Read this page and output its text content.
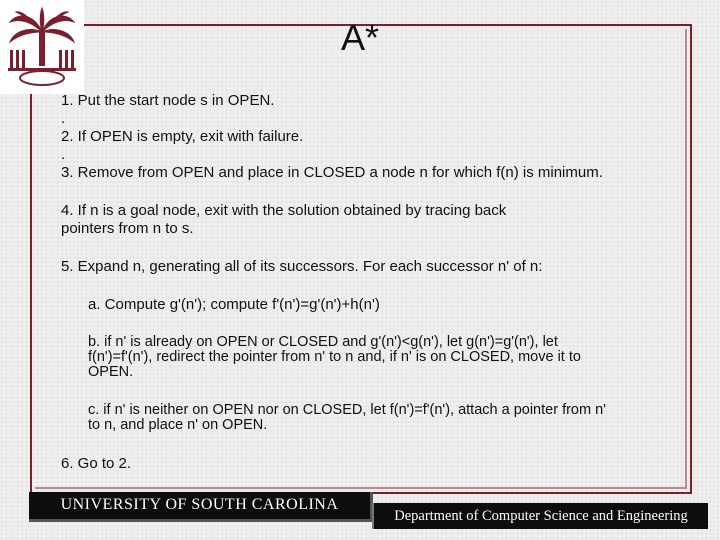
A*

1. Put the start node s in OPEN.

.

2. If OPEN is empty, exit with failure.

.

3. Remove from OPEN and place in CLOSED a node n for which f(n) is minimum.

4. If n is a goal node, exit with the solution obtained by tracing back

pointers from n to s.

5. Expand n, generating all of its successors. For each successor n' of n:

a. Compute g'(n'); compute f'(n')=g'(n')+h(n')

b. if n' is already on OPEN or CLOSED and g'(n')<g(n'), let g(n')=g'(n'), let

f(n')=f'(n'), redirect the pointer from n' to n and, if n' is on CLOSED, move it to

OPEN.

c. if n' is neither on OPEN nor on CLOSED, let f(n')=f'(n'), attach a pointer from n'

to n, and place n' on OPEN.

6. Go to 2.

UNIVERSITY OF SOUTH CAROLINA
Department of Computer Science and Engineering
